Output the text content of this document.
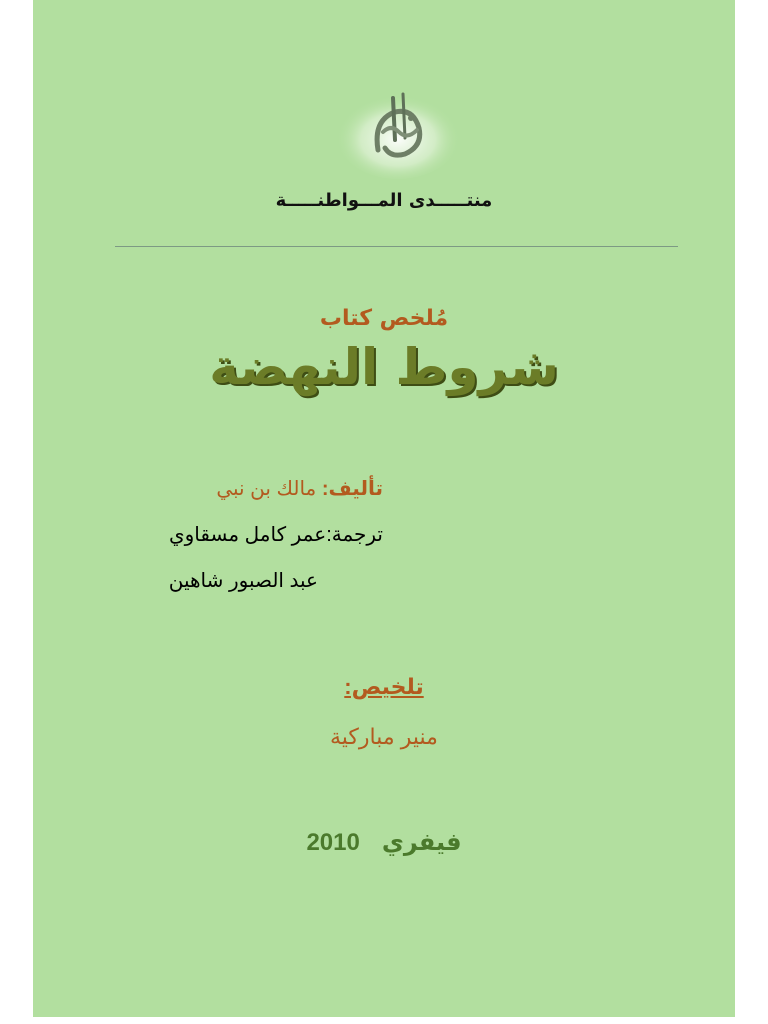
منتـــــدى المـــواطنـــــة
مُلخص كتاب
شروط النهضة
تأليف: مالك بن نبي
ترجمة:عمر كامل مسقاوي
عبد الصبور شاهين
تلخيص:
منير مباركية
فيفري2010
